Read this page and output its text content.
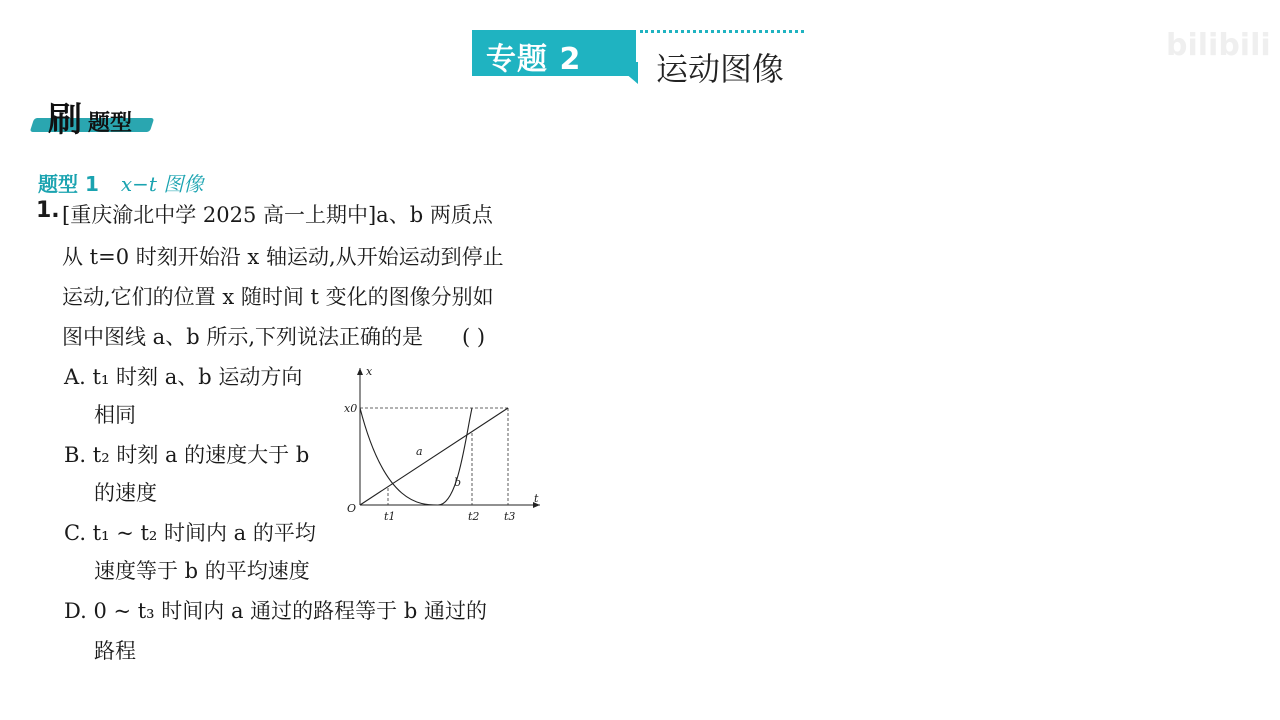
专题 2 运动图像
bilibili
刷 题型
题型 1 x−t 图像
1. [重庆渝北中学 2025 高一上期中]a、b 两质点
从 t=0 时刻开始沿 x 轴运动,从开始运动到停止
运动,它们的位置 x 随时间 t 变化的图像分别如
图中图线 a、b 所示,下列说法正确的是 ( )
A. t₁ 时刻 a、b 运动方向
相同
B. t₂ 时刻 a 的速度大于 b
的速度
C. t₁ ~ t₂ 时间内 a 的平均
速度等于 b 的平均速度
D. 0 ~ t₃ 时间内 a 通过的路程等于 b 通过的
路程
x
t
O
x0
t1	t2 t3
a
b
